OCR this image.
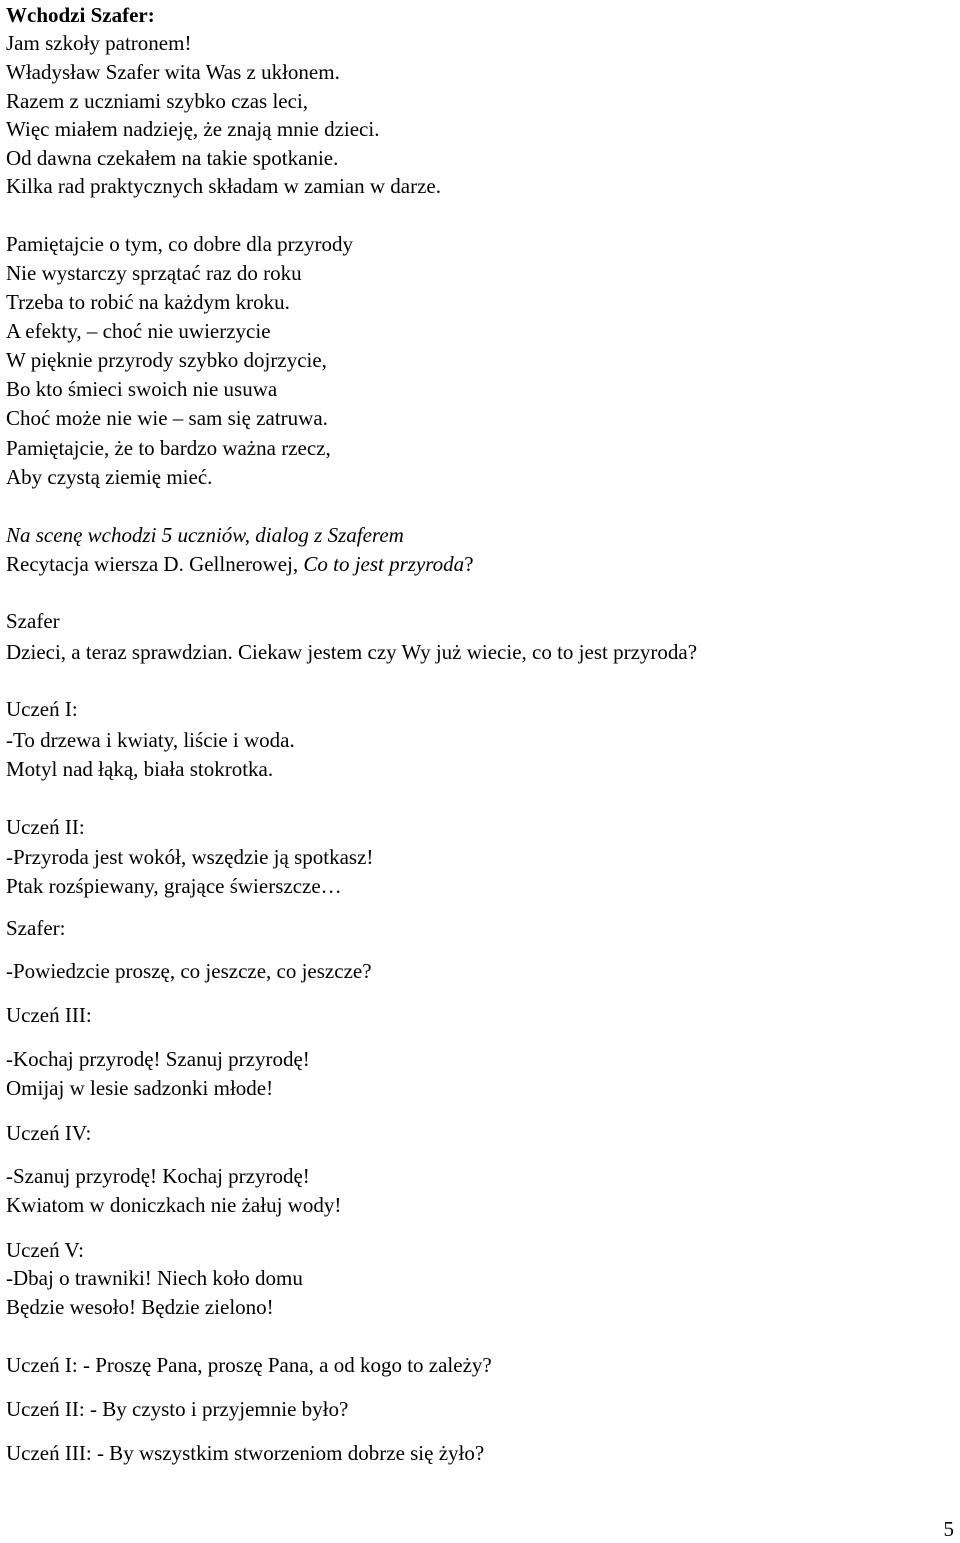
Wchodzi Szafer:
Jam szkoły patronem!
Władysław Szafer wita Was z ukłonem.
Razem z uczniami szybko czas leci,
Więc miałem nadzieję, że znają mnie dzieci.
Od dawna czekałem na takie spotkanie.
Kilka rad praktycznych składam w zamian w darze.
Pamiętajcie o tym, co dobre dla przyrody
Nie wystarczy sprzątać raz do roku
Trzeba to robić na każdym kroku.
A efekty, – choć nie uwierzycie
W pięknie przyrody szybko dojrzycie,
Bo kto śmieci swoich nie usuwa
Choć może nie wie – sam się zatruwa.
Pamiętajcie, że to bardzo ważna rzecz,
Aby czystą ziemię mieć.
Na scenę wchodzi 5 uczniów, dialog z Szaferem
Recytacja wiersza D. Gellnerowej, Co to jest przyroda?
Szafer
Dzieci, a teraz sprawdzian. Ciekaw jestem czy Wy już wiecie, co to jest przyroda?
Uczeń I:
-To drzewa i kwiaty, liście i woda.
Motyl nad łąką, biała stokrotka.
Uczeń II:
-Przyroda jest wokół, wszędzie ją spotkasz!
Ptak rozśpiewany, grające świerszcze…
Szafer:
-Powiedzcie proszę, co jeszcze, co jeszcze?
Uczeń III:
-Kochaj przyrodę! Szanuj przyrodę!
Omijaj w lesie sadzonki młode!
Uczeń IV:
-Szanuj przyrodę! Kochaj przyrodę!
Kwiatom w doniczkach nie żałuj wody!
Uczeń V:
-Dbaj o trawniki! Niech koło domu
Będzie wesoło! Będzie zielono!
Uczeń I: - Proszę Pana, proszę Pana, a od kogo to zależy?
Uczeń II: - By czysto i przyjemnie było?
Uczeń III: - By wszystkim stworzeniom dobrze się żyło?
5
